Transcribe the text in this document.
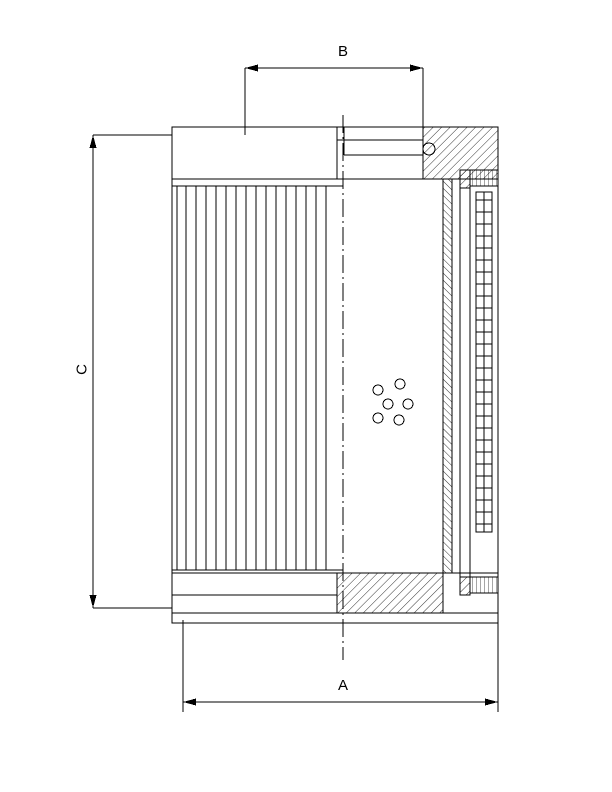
B
C
A
